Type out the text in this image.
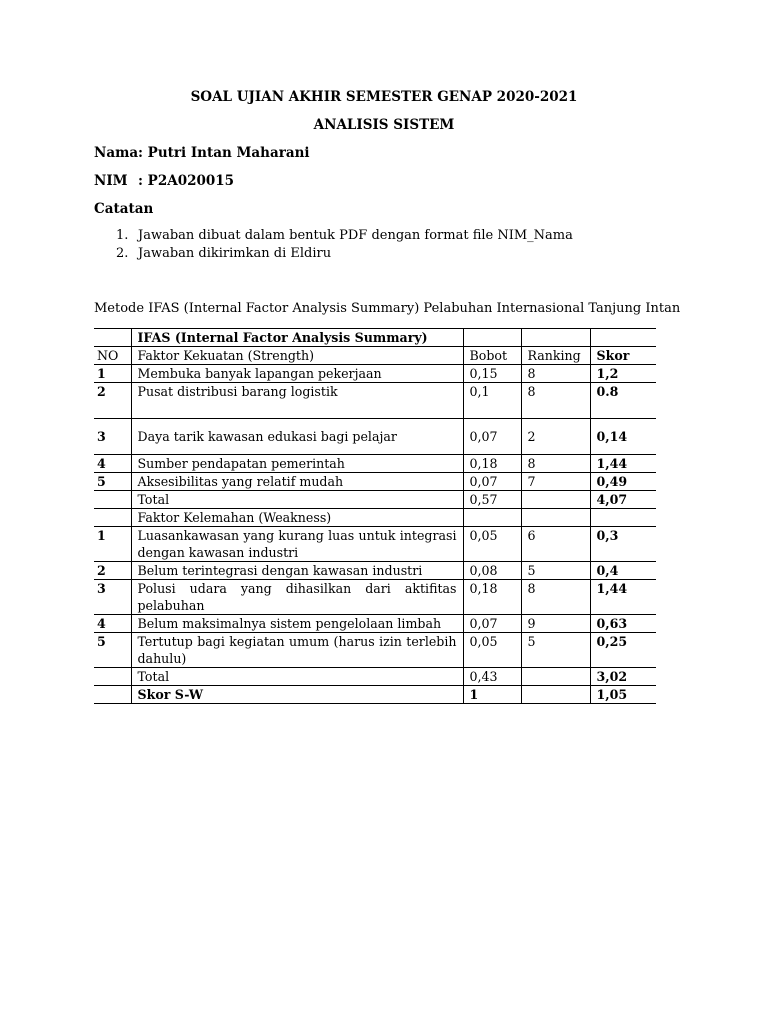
SOAL UJIAN AKHIR SEMESTER GENAP 2020-2021
ANALISIS SISTEM
Nama: Putri Intan Maharani
NIM : P2A020015
Catatan
1. Jawaban dibuat dalam bentuk PDF dengan format file NIM_Nama
2. Jawaban dikirimkan di Eldiru
Metode IFAS (Internal Factor Analysis Summary) Pelabuhan Internasional Tanjung Intan
	IFAS (Internal Factor Analysis Summary)			
NO	Faktor Kekuatan (Strength)	Bobot	Ranking	Skor
1	Membuka banyak lapangan pekerjaan	0,15	8	1,2
2	Pusat distribusi barang logistik	0,1	8	0.8
3	Daya tarik kawasan edukasi bagi pelajar	0,07	2	0,14
4	Sumber pendapatan pemerintah	0,18	8	1,44
5	Aksesibilitas yang relatif mudah	0,07	7	0,49
	Total	0,57		4,07
	Faktor Kelemahan (Weakness)			
1	Luasankawasan yang kurang luas untuk integrasi dengan kawasan industri	0,05	6	0,3
2	Belum terintegrasi dengan kawasan industri	0,08	5	0,4
3	Polusi udara yang dihasilkan dari aktifitas pelabuhan	0,18	8	1,44
4	Belum maksimalnya sistem pengelolaan limbah	0,07	9	0,63
5	Tertutup bagi kegiatan umum (harus izin terlebih dahulu)	0,05	5	0,25
	Total	0,43		3,02
	Skor S-W	1		1,05
